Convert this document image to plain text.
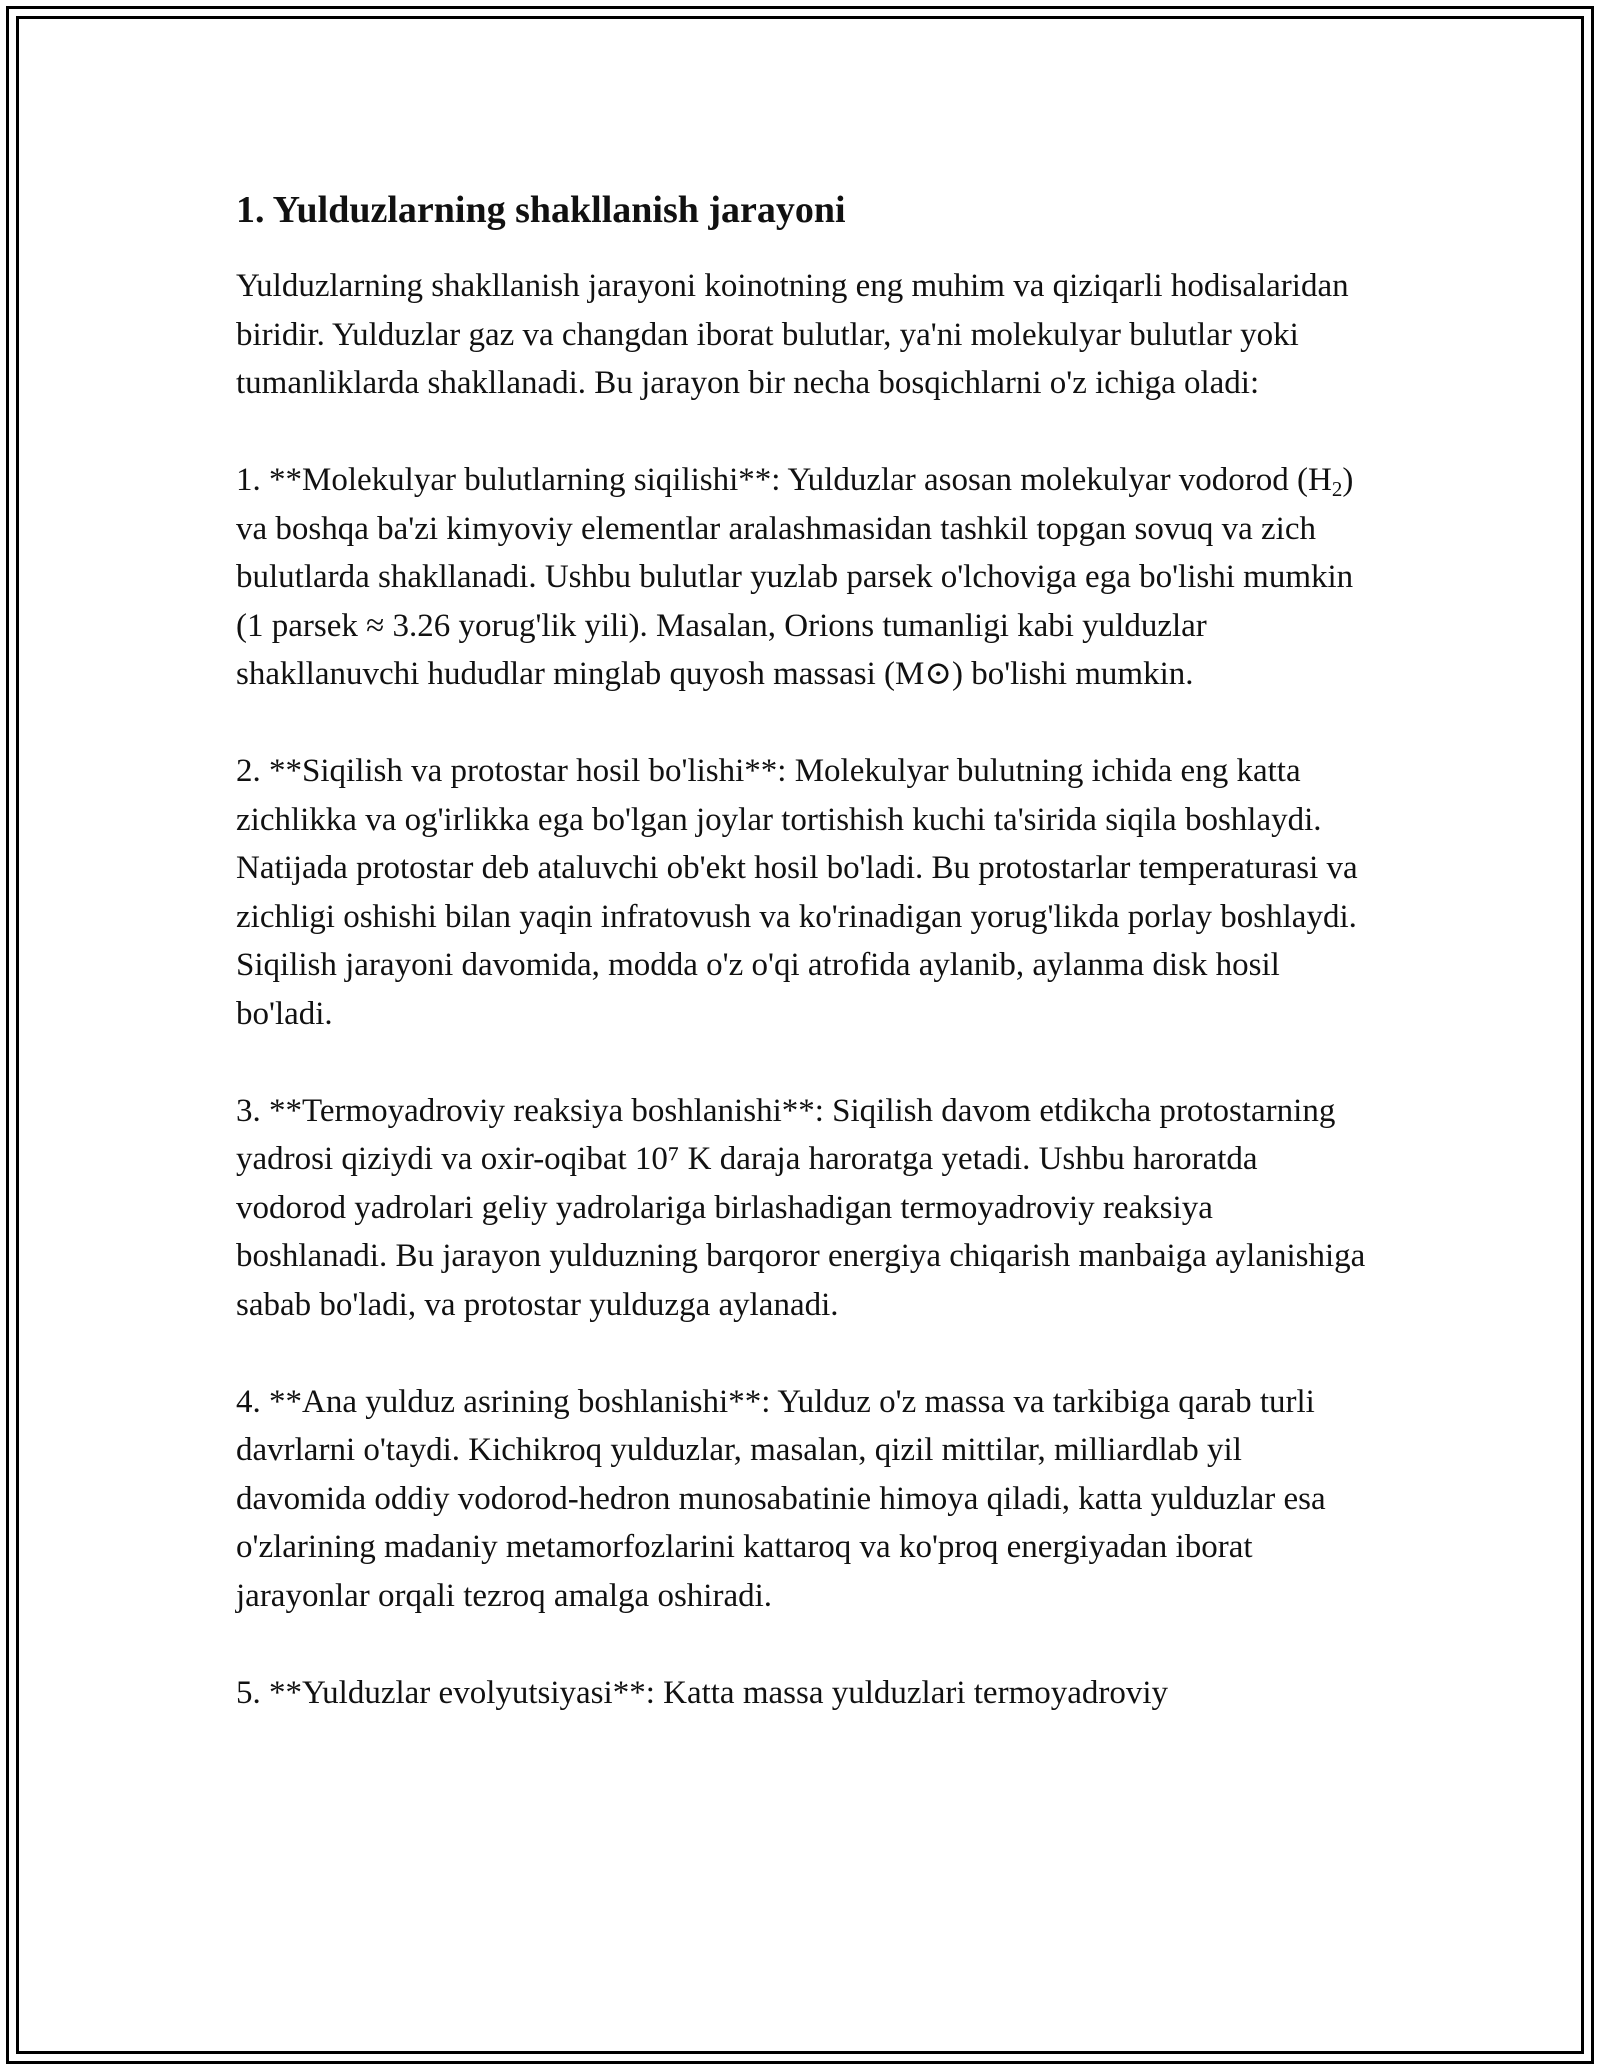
1. Yulduzlarning shakllanish jarayoni

Yulduzlarning shakllanish jarayoni koinotning eng muhim va qiziqarli hodisalaridan biridir. Yulduzlar gaz va changdan iborat bulutlar, ya'ni molekulyar bulutlar yoki tumanliklarda shakllanadi. Bu jarayon bir necha bosqichlarni o'z ichiga oladi:

1. **Molekulyar bulutlarning siqilishi**: Yulduzlar asosan molekulyar vodorod $(H_2)$ va boshqa ba'zi kimyoviy elementlar aralashmasidan tashkil topgan sovuq va zich bulutlarda shakllanadi. Ushbu bulutlar yuzlab parsek o'lchoviga ega bo'lishi mumkin (1 parsek ≈ 3.26 yorug'lik yili). Masalan, Orions tumanligi kabi yulduzlar shakllanuvchi hududlar minglab quyosh massasi (M⊙) bo'lishi mumkin.

2. **Siqilish va protostar hosil bo'lishi**: Molekulyar bulutning ichida eng katta zichlikka va og'irlikka ega bo'lgan joylar tortishish kuchi ta'sirida siqila boshlaydi. Natijada protostar deb ataluvchi ob'ekt hosil bo'ladi. Bu protostarlar temperaturasi va zichligi oshishi bilan yaqin infratovush va ko'rinadigan yorug'likda porlay boshlaydi. Siqilish jarayoni davomida, modda o'z o'qi atrofida aylanib, aylanma disk hosil bo'ladi.

3. **Termoyadroviy reaksiya boshlanishi**: Siqilish davom etdikcha protostarning yadrosi qiziydi va oxir-oqibat 10⁷ K daraja haroratga yetadi. Ushbu haroratda vodorod yadrolari geliy yadrolariga birlashadigan termoyadroviy reaksiya boshlanadi. Bu jarayon yulduzning barqoror energiya chiqarish manbaiga aylanishiga sabab bo'ladi, va protostar yulduzga aylanadi.

4. **Ana yulduz asrining boshlanishi**: Yulduz o'z massa va tarkibiga qarab turli davrlarni o'taydi. Kichikroq yulduzlar, masalan, qizil mittilar, milliardlab yil davomida oddiy vodorod-hedron munosabatinie himoya qiladi, katta yulduzlar esa o'zlarining madaniy metamorfozlarini kattaroq va ko'proq energiyadan iborat jarayonlar orqali tezroq amalga oshiradi.

5. **Yulduzlar evolyutsiyasi**: Katta massa yulduzlari termoyadroviy
